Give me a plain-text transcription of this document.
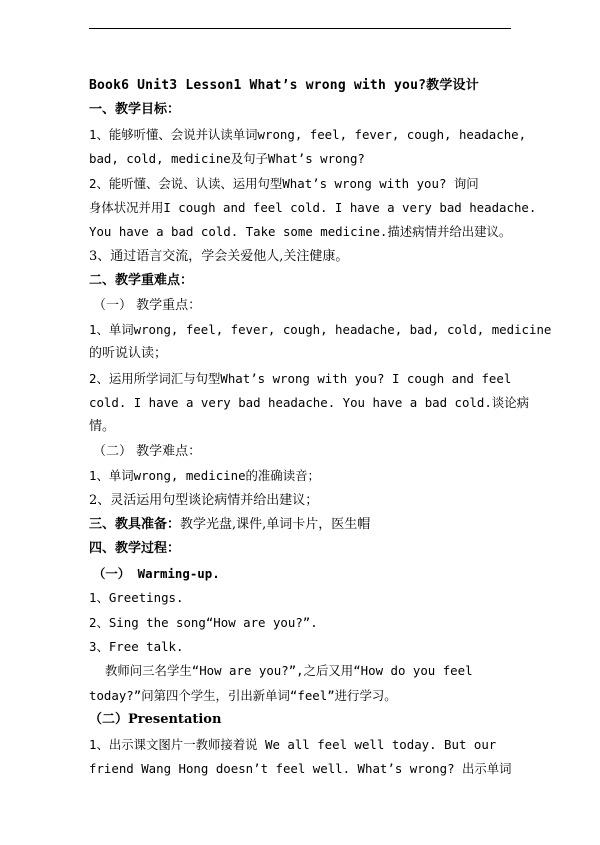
Book6 Unit3 Lesson1 What’s wrong with you?教学设计
一、教学目标：
1、能够听懂、会说并认读单词wrong, feel, fever, cough, headache,
bad, cold, medicine及句子What’s wrong?
2、能听懂、会说、认读、运用句型What’s wrong with you? 询问
身体状况并用I cough and feel cold. I have a very bad headache.
You have a bad cold. Take some medicine.描述病情并给出建议。
3、通过语言交流，学会关爱他人,关注健康。
二、教学重难点：
（一） 教学重点：
1、单词wrong, feel, fever, cough, headache, bad, cold, medicine
的听说认读；
2、运用所学词汇与句型What’s wrong with you? I cough and feel
cold. I have a very bad headache. You have a bad cold.谈论病
情。
（二） 教学难点：
1、单词wrong, medicine的准确读音；
2、灵活运用句型谈论病情并给出建议；
三、教具准备：教学光盘,课件,单词卡片，医生帽
四、教学过程：
（一） Warming-up.
1、Greetings.
2、Sing the song“How are you?”.
3、Free talk.
教师问三名学生“How are you?”,之后又用“How do you feel
today?”问第四个学生，引出新单词“feel”进行学习。
（二）Presentation
1、出示课文图片一教师接着说 We all feel well today. But our
friend Wang Hong doesn’t feel well. What’s wrong? 出示单词
